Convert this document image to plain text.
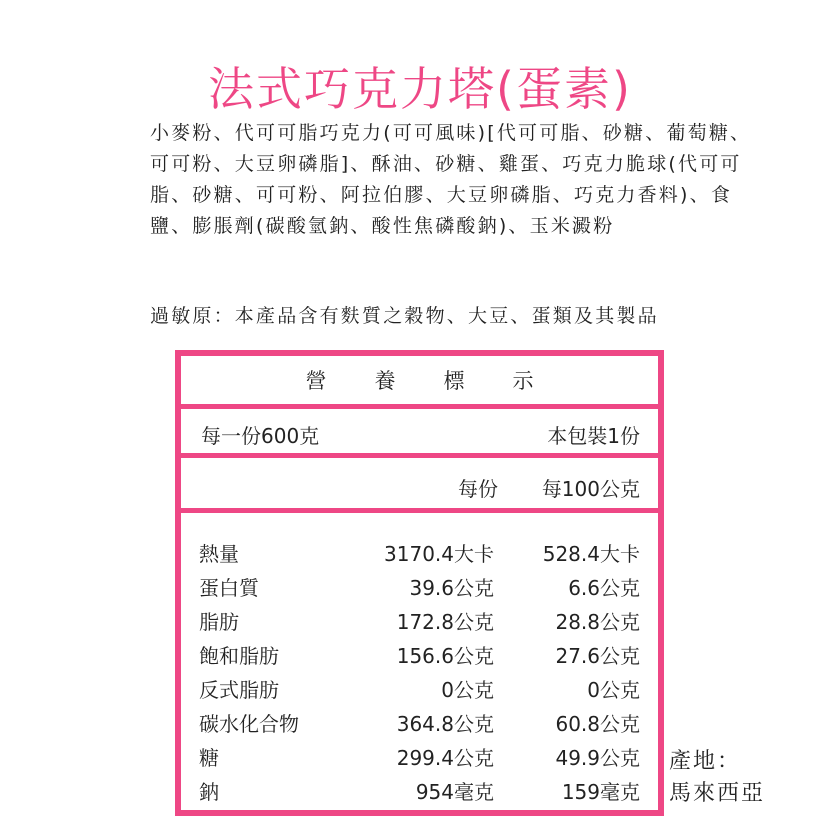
法式巧克力塔(蛋素)

小麥粉、代可可脂巧克力(可可風味)[代可可脂、砂糖、葡萄糖、可可粉、大豆卵磷脂]、酥油、砂糖、雞蛋、巧克力脆球(代可可脂、砂糖、可可粉、阿拉伯膠、大豆卵磷脂、巧克力香料)、食鹽、膨脹劑(碳酸氫鈉、酸性焦磷酸鈉)、玉米澱粉

過敏原：本產品含有麩質之穀物、大豆、蛋類及其製品

營 養 標 示
每一份600克	本包裝1份
每份 每100公克
熱量	3170.4大卡 528.4大卡
蛋白質	39.6公克	6.6公克
脂肪	172.8公克	28.8公克
飽和脂肪	156.6公克	27.6公克
反式脂肪	0公克	0公克
碳水化合物	364.8公克	60.8公克
糖	299.4公克	49.9公克
鈉	954毫克	159毫克
產地：
馬來西亞
